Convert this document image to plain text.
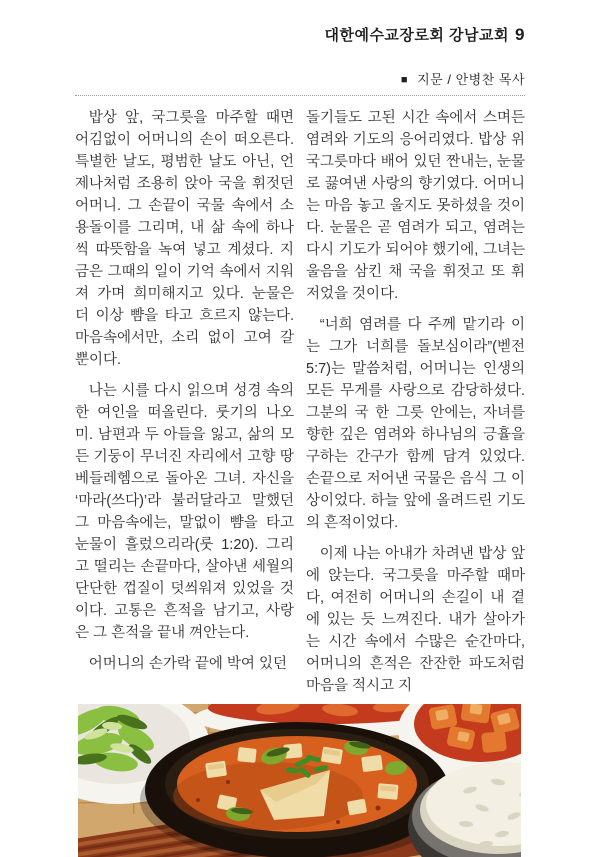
대한예수교장로회 강남교회 9
■ 지문 / 안병찬 목사

밥상 앞, 국그릇을 마주할 때면 어김없이 어머니의 손이 떠오른다. 특별한 날도, 평범한 날도 아닌, 언제나처럼 조용히 앉아 국을 휘젓던 어머니. 그 손끝이 국물 속에서 소용돌이를 그리며, 내 삶 속에 하나씩 따뜻함을 녹여 넣고 계셨다. 지금은 그때의 일이 기억 속에서 지워져 가며 희미해지고 있다. 눈물은 더 이상 뺨을 타고 흐르지 않는다. 마음속에서만, 소리 없이 고여 갈 뿐이다.

나는 시를 다시 읽으며 성경 속의 한 여인을 떠올린다. 룻기의 나오미. 남편과 두 아들을 잃고, 삶의 모든 기둥이 무너진 자리에서 고향 땅 베들레헴으로 돌아온 그녀. 자신을 ‘마라(쓰다)’라 불러달라고 말했던 그 마음속에는, 말없이 뺨을 타고 눈물이 흘렀으리라(룻 1:20). 그리고 떨리는 손끝마다, 살아낸 세월의 단단한 껍질이 덧씌워져 있었을 것이다. 고통은 흔적을 남기고, 사랑은 그 흔적을 끝내 껴안는다.

어머니의 손가락 끝에 박여 있던

돌기들도 고된 시간 속에서 스며든 염려와 기도의 응어리였다. 밥상 위 국그릇마다 배어 있던 짠내는, 눈물로 끓여낸 사랑의 향기였다. 어머니는 마음 놓고 울지도 못하셨을 것이다. 눈물은 곧 염려가 되고, 염려는 다시 기도가 되어야 했기에, 그녀는 울음을 삼킨 채 국을 휘젓고 또 휘저었을 것이다.

“너희 염려를 다 주께 맡기라 이는 그가 너희를 돌보심이라”(벧전 5:7)는 말씀처럼, 어머니는 인생의 모든 무게를 사랑으로 감당하셨다. 그분의 국 한 그릇 안에는, 자녀를 향한 깊은 염려와 하나님의 긍휼을 구하는 간구가 함께 담겨 있었다. 손끝으로 저어낸 국물은 음식 그 이상이었다. 하늘 앞에 올려드린 기도의 흔적이었다.

이제 나는 아내가 차려낸 밥상 앞에 앉는다. 국그릇을 마주할 때마다, 여전히 어머니의 손길이 내 곁에 있는 듯 느껴진다. 내가 살아가는 시간 속에서 수많은 순간마다, 어머니의 흔적은 잔잔한 파도처럼 마음을 적시고 지
